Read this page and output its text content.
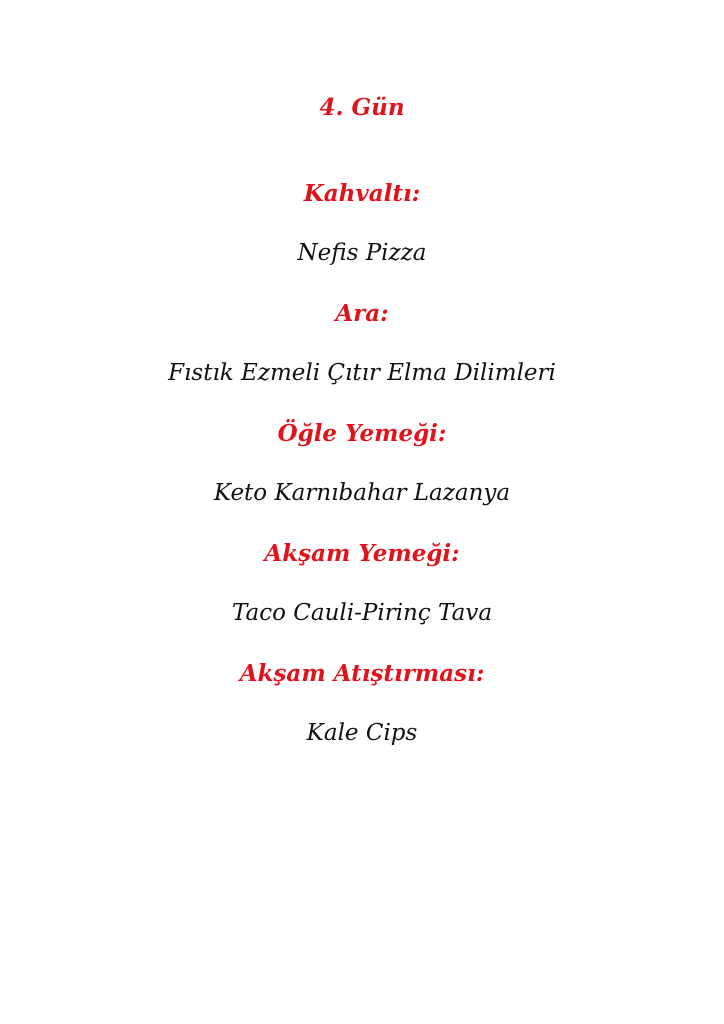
4. Gün
Kahvaltı:
Nefis Pizza
Ara:
Fıstık Ezmeli Çıtır Elma Dilimleri
Öğle Yemeği:
Keto Karnıbahar Lazanya
Akşam Yemeği:
Taco Cauli-Pirinç Tava
Akşam Atıştırması:
Kale Cips
